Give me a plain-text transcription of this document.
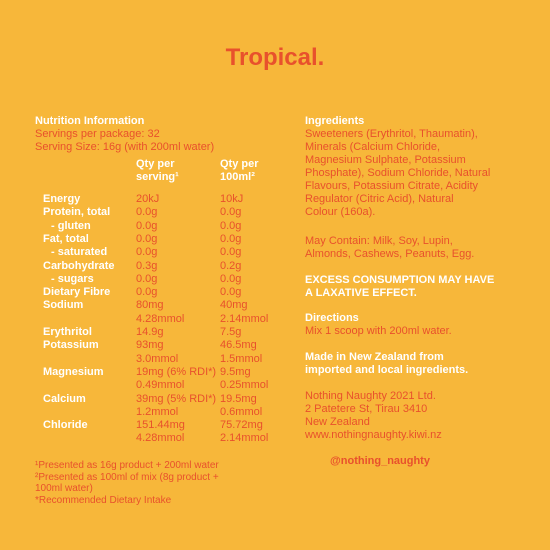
Tropical.
Nutrition Information
Servings per package: 32
Serving Size: 16g (with 200ml water)
Qty per
serving¹
Qty per
100ml²
Energy	20kJ	10kJ
Protein, total 0.0g	0.0g
- gluten	0.0g	0.0g
Fat, total	0.0g	0.0g
- saturated	0.0g	0.0g
Carbohydrate 0.3g	0.2g
- sugars	0.0g	0.0g
Dietary Fibre 0.0g	0.0g
Sodium	80mg	40mg
4.28mmol	2.14mmol
Erythritol	14.9g	7.5g
Potassium	93mg	46.5mg
3.0mmol	1.5mmol
Magnesium	19mg (6% RDI*) 9.5mg
0.49mmol	0.25mmol
Calcium	39mg (5% RDI*) 19.5mg
1.2mmol	0.6mmol
Chloride	151.44mg	75.72mg
4.28mmol	2.14mmol
¹Presented as 16g product + 200ml water
²Presented as 100ml of mix (8g product +
100ml water)
*Recommended Dietary Intake
Ingredients
Sweeteners (Erythritol, Thaumatin),
Minerals (Calcium Chloride,
Magnesium Sulphate, Potassium
Phosphate), Sodium Chloride, Natural
Flavours, Potassium Citrate, Acidity
Regulator (Citric Acid), Natural
Colour (160a).
May Contain: Milk, Soy, Lupin,
Almonds, Cashews, Peanuts, Egg.
EXCESS CONSUMPTION MAY HAVE
A LAXATIVE EFFECT.
Directions
Mix 1 scoop with 200ml water.
Made in New Zealand from
imported and local ingredients.
Nothing Naughty 2021 Ltd.
2 Patetere St, Tirau 3410
New Zealand
www.nothingnaughty.kiwi.nz
@nothing_naughty
